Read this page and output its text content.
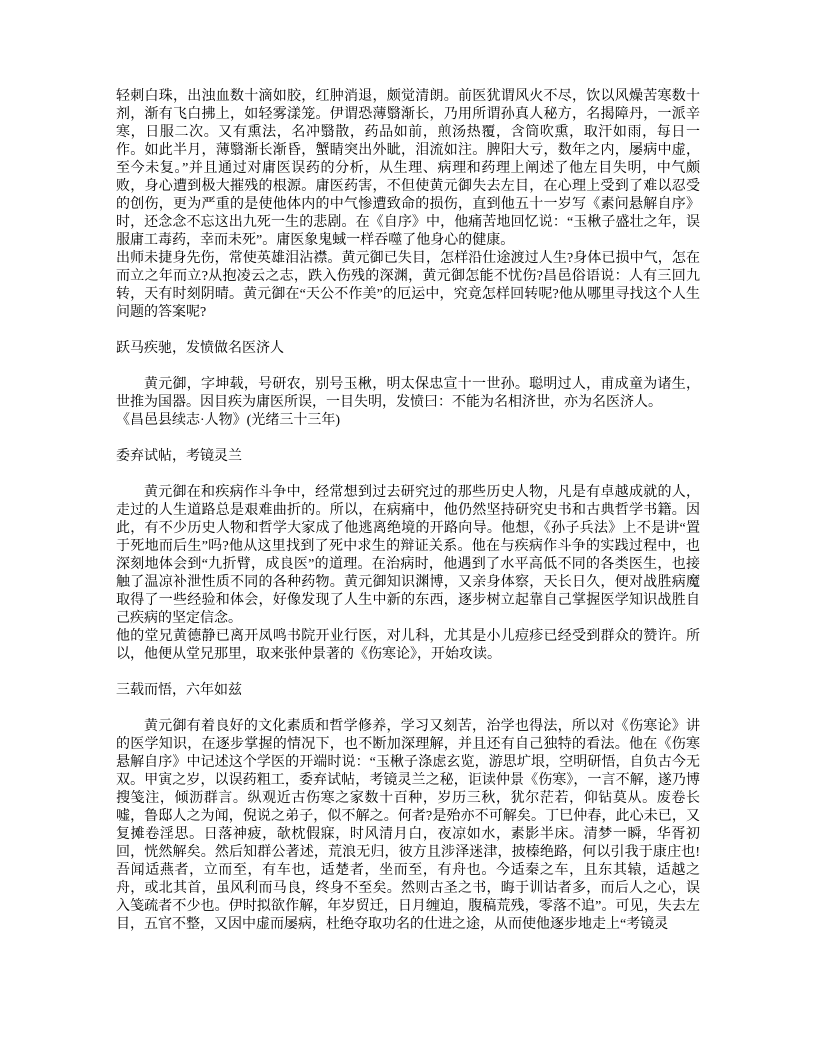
轻刺白珠，出浊血数十滴如胶，红肿消退，颇觉清朗。前医犹谓风火不尽，饮以风燥苦寒数十剂，渐有飞白拂上，如轻雾漾笼。伊谓恐薄翳渐长，乃用所谓孙真人秘方，名揭障丹，一派辛寒，日服二次。又有熏法，名冲翳散，药品如前，煎汤热覆，含筒吹熏，取汗如雨，每日一作。如此半月，薄翳渐长渐昏，蟹睛突出外眦，泪流如注。脾阳大亏，数年之内，屡病中虚，至今未复。”并且通过对庸医误药的分析，从生理、病理和药理上阐述了他左目失明，中气颇败，身心遭到极大摧残的根源。庸医药害，不但使黄元御失去左目，在心理上受到了难以忍受的创伤，更为严重的是使他体内的中气惨遭致命的损伤，直到他五十一岁写《素问悬解自序》时，还念念不忘这出九死一生的悲剧。在《自序》中，他痛苦地回忆说：“玉楸子盛壮之年，误服庸工毒药，幸而未死”。庸医象鬼蜮一样吞噬了他身心的健康。

出师未捷身先伤，常使英雄泪沾襟。黄元御已失目，怎样沿仕途渡过人生?身体已损中气，怎在而立之年而立?从抱凌云之志，跌入伤残的深渊，黄元御怎能不忧伤?昌邑俗语说：人有三回九转，天有时刻阴晴。黄元御在“天公不作美”的厄运中，究竟怎样回转呢?他从哪里寻找这个人生问题的答案呢?

跃马疾驰，发愤做名医济人

黄元御，字坤载，号研农，别号玉楸，明太保忠宣十一世孙。聪明过人，甫成童为诸生，世推为国器。因目疾为庸医所误，一目失明，发愤曰：不能为名相济世，亦为名医济人。

《昌邑县续志·人物》(光绪三十三年)

委弃试帖，考镜灵兰

黄元御在和疾病作斗争中，经常想到过去研究过的那些历史人物，凡是有卓越成就的人，走过的人生道路总是艰难曲折的。所以，在病痛中，他仍然坚持研究史书和古典哲学书籍。因此，有不少历史人物和哲学大家成了他逃离绝境的开路向导。他想，《孙子兵法》上不是讲“置于死地而后生”吗?他从这里找到了死中求生的辩证关系。他在与疾病作斗争的实践过程中，也深刻地体会到“九折臂，成良医”的道理。在治病时，他遇到了水平高低不同的各类医生，也接触了温凉补泄性质不同的各种药物。黄元御知识渊博，又亲身体察，天长日久，便对战胜病魔取得了一些经验和体会，好像发现了人生中新的东西，逐步树立起靠自己掌握医学知识战胜自己疾病的坚定信念。

他的堂兄黄德静已离开凤鸣书院开业行医，对儿科，尤其是小儿痘疹已经受到群众的赞许。所以，他便从堂兄那里，取来张仲景著的《伤寒论》，开始攻读。

三载而悟，六年如兹

黄元御有着良好的文化素质和哲学修养，学习又刻苦，治学也得法，所以对《伤寒论》讲的医学知识，在逐步掌握的情况下，也不断加深理解，并且还有自己独特的看法。他在《伤寒悬解自序》中记述这个学医的开端时说：“玉楸子涤虑玄览，游思圹垠，空明研悟，自负古今无双。甲寅之岁，以误药粗工，委弃试帖，考镜灵兰之秘，讵读仲景《伤寒》，一言不解，遂乃博搜笺注，倾沥群言。纵观近古伤寒之家数十百种，岁历三秋，犹尔茫若，仰钻莫从。废卷长嘘，鲁邸人之为闻，倪说之弟子，似不解之。何者?是殆亦不可解矣。丁巳仲春，此心未已，又复摊卷淫思。日落神疲，欹枕假寐，时风清月白，夜凉如水，素影半床。清梦一瞬，华胥初回，恍然解矣。然后知群公著述，荒浪无归，彼方且涉泽迷津，披榛绝路，何以引我于康庄也!吾闻适燕者，立而至，有车也，适楚者，坐而至，有舟也。今适秦之车，且东其辕，适越之舟，或北其首，虽风利而马良，终身不至矣。然则古圣之书，晦于训诂者多，而后人之心，误入笺疏者不少也。伊时拟欲作解，年岁贸迁，日月缠迫，腹稿荒残，零落不追”。可见，失去左目，五官不整，又因中虚而屡病，杜绝夺取功名的仕进之途，从而使他逐步地走上“考镜灵
